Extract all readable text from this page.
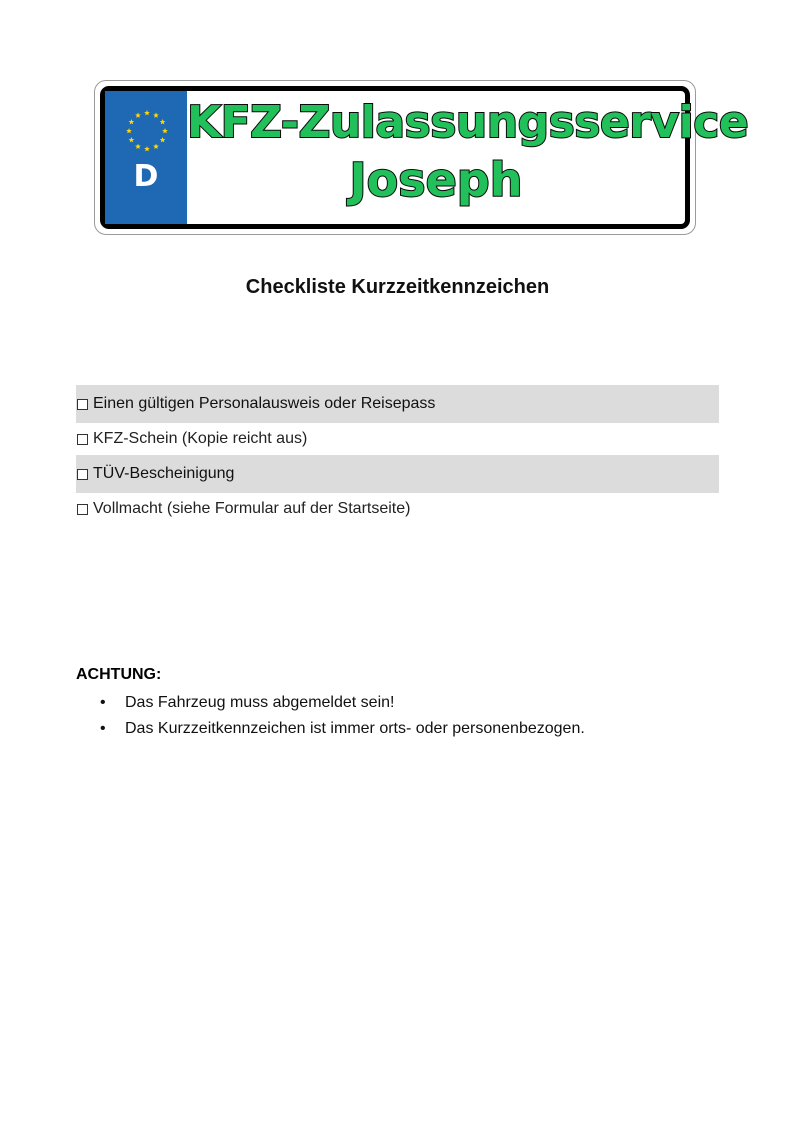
D
KFZ-Zulassungsservice
Joseph
Checkliste Kurzzeitkennzeichen
Einen gültigen Personalausweis oder Reisepass
KFZ-Schein (Kopie reicht aus)
TÜV-Bescheinigung
Vollmacht (siehe Formular auf der Startseite)
ACHTUNG:
• Das Fahrzeug muss abgemeldet sein!
• Das Kurzzeitkennzeichen ist immer orts- oder personenbezogen.
